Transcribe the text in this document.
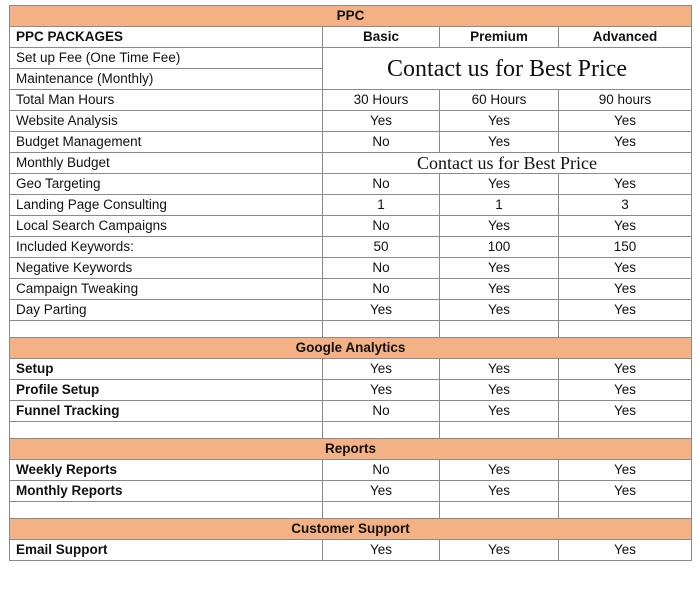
PPC			
PPC PACKAGES	Basic	Premium	Advanced
Set up Fee (One Time Fee)	Contact us for Best Price		
Maintenance (Monthly)			
Total Man Hours	30 Hours	60 Hours	90 hours
Website Analysis	Yes	Yes	Yes
Budget Management	No	Yes	Yes
Monthly Budget	Contact us for Best Price		
Geo Targeting	No	Yes	Yes
Landing Page Consulting	1	1	3
Local Search Campaigns	No	Yes	Yes
Included Keywords:	50	100	150
Negative Keywords	No	Yes	Yes
Campaign Tweaking	No	Yes	Yes
Day Parting	Yes	Yes	Yes

Google Analytics			
Setup	Yes	Yes	Yes
Profile Setup	Yes	Yes	Yes
Funnel Tracking	No	Yes	Yes

Reports			
Weekly Reports	No	Yes	Yes
Monthly Reports	Yes	Yes	Yes

Customer Support			
Email Support	Yes	Yes	Yes
